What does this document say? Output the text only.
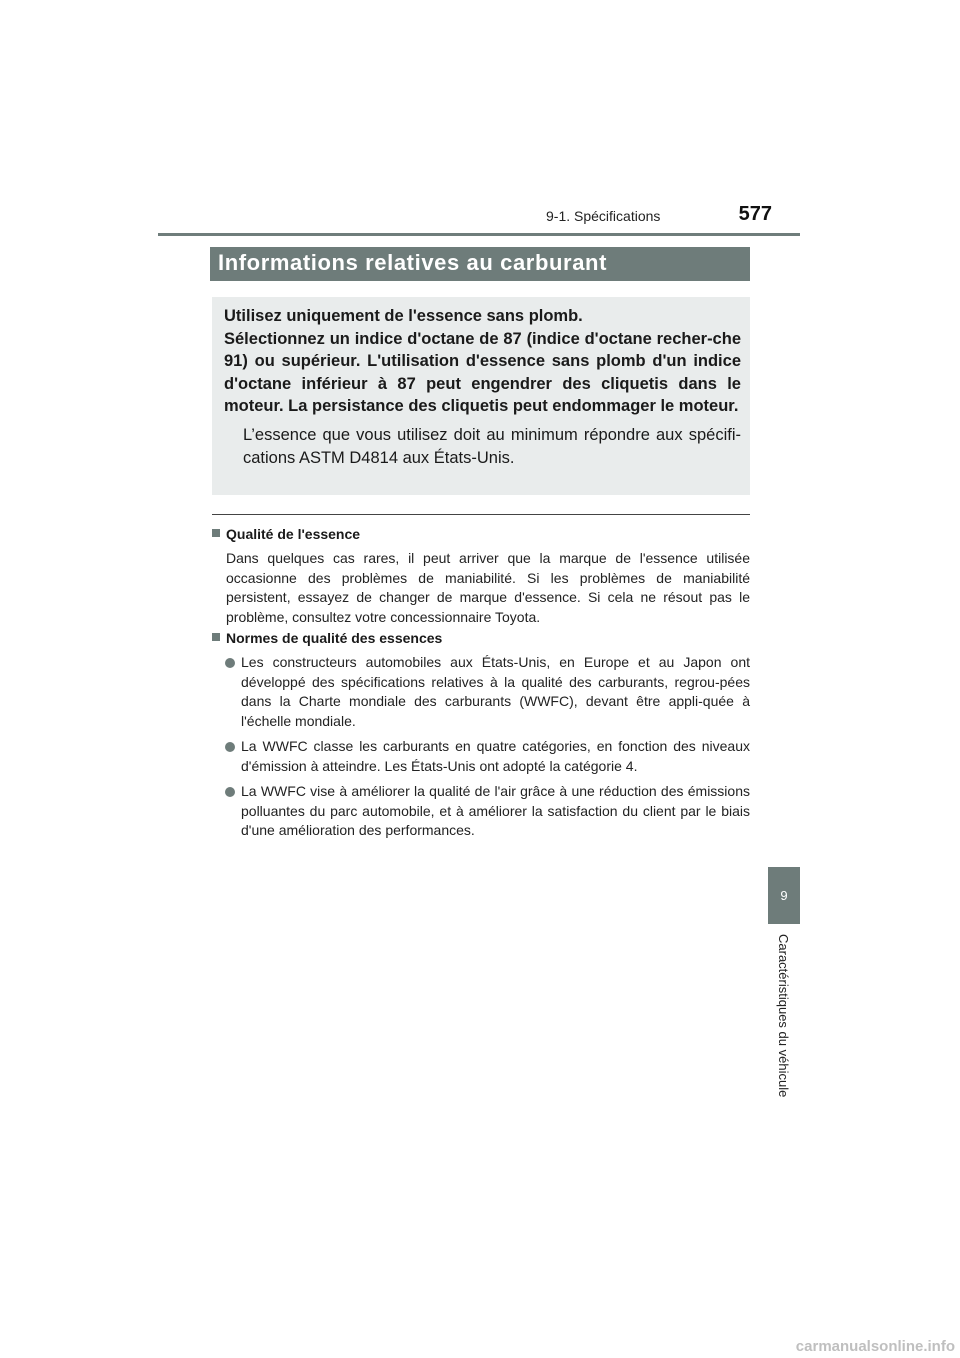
9-1. Spécifications	577
Informations relatives au carburant
Utilisez uniquement de l'essence sans plomb.
Sélectionnez un indice d'octane de 87 (indice d'octane recher-che 91) ou supérieur. L'utilisation d'essence sans plomb d'un indice d'octane inférieur à 87 peut engendrer des cliquetis dans le moteur. La persistance des cliquetis peut endommager le moteur.
L’essence que vous utilisez doit au minimum répondre aux spécifi-cations ASTM D4814 aux États-Unis.
Qualité de l'essence
Dans quelques cas rares, il peut arriver que la marque de l'essence utilisée occasionne des problèmes de maniabilité. Si les problèmes de maniabilité persistent, essayez de changer de marque d'essence. Si cela ne résout pas le problème, consultez votre concessionnaire Toyota.
Normes de qualité des essences
Les constructeurs automobiles aux États-Unis, en Europe et au Japon ont développé des spécifications relatives à la qualité des carburants, regrou-pées dans la Charte mondiale des carburants (WWFC), devant être appli-quée à l'échelle mondiale.
La WWFC classe les carburants en quatre catégories, en fonction des niveaux d'émission à atteindre. Les États-Unis ont adopté la catégorie 4.
La WWFC vise à améliorer la qualité de l'air grâce à une réduction des émissions polluantes du parc automobile, et à améliorer la satisfaction du client par le biais d'une amélioration des performances.
9
Caractéristiques du véhicule
carmanualsonline.info
